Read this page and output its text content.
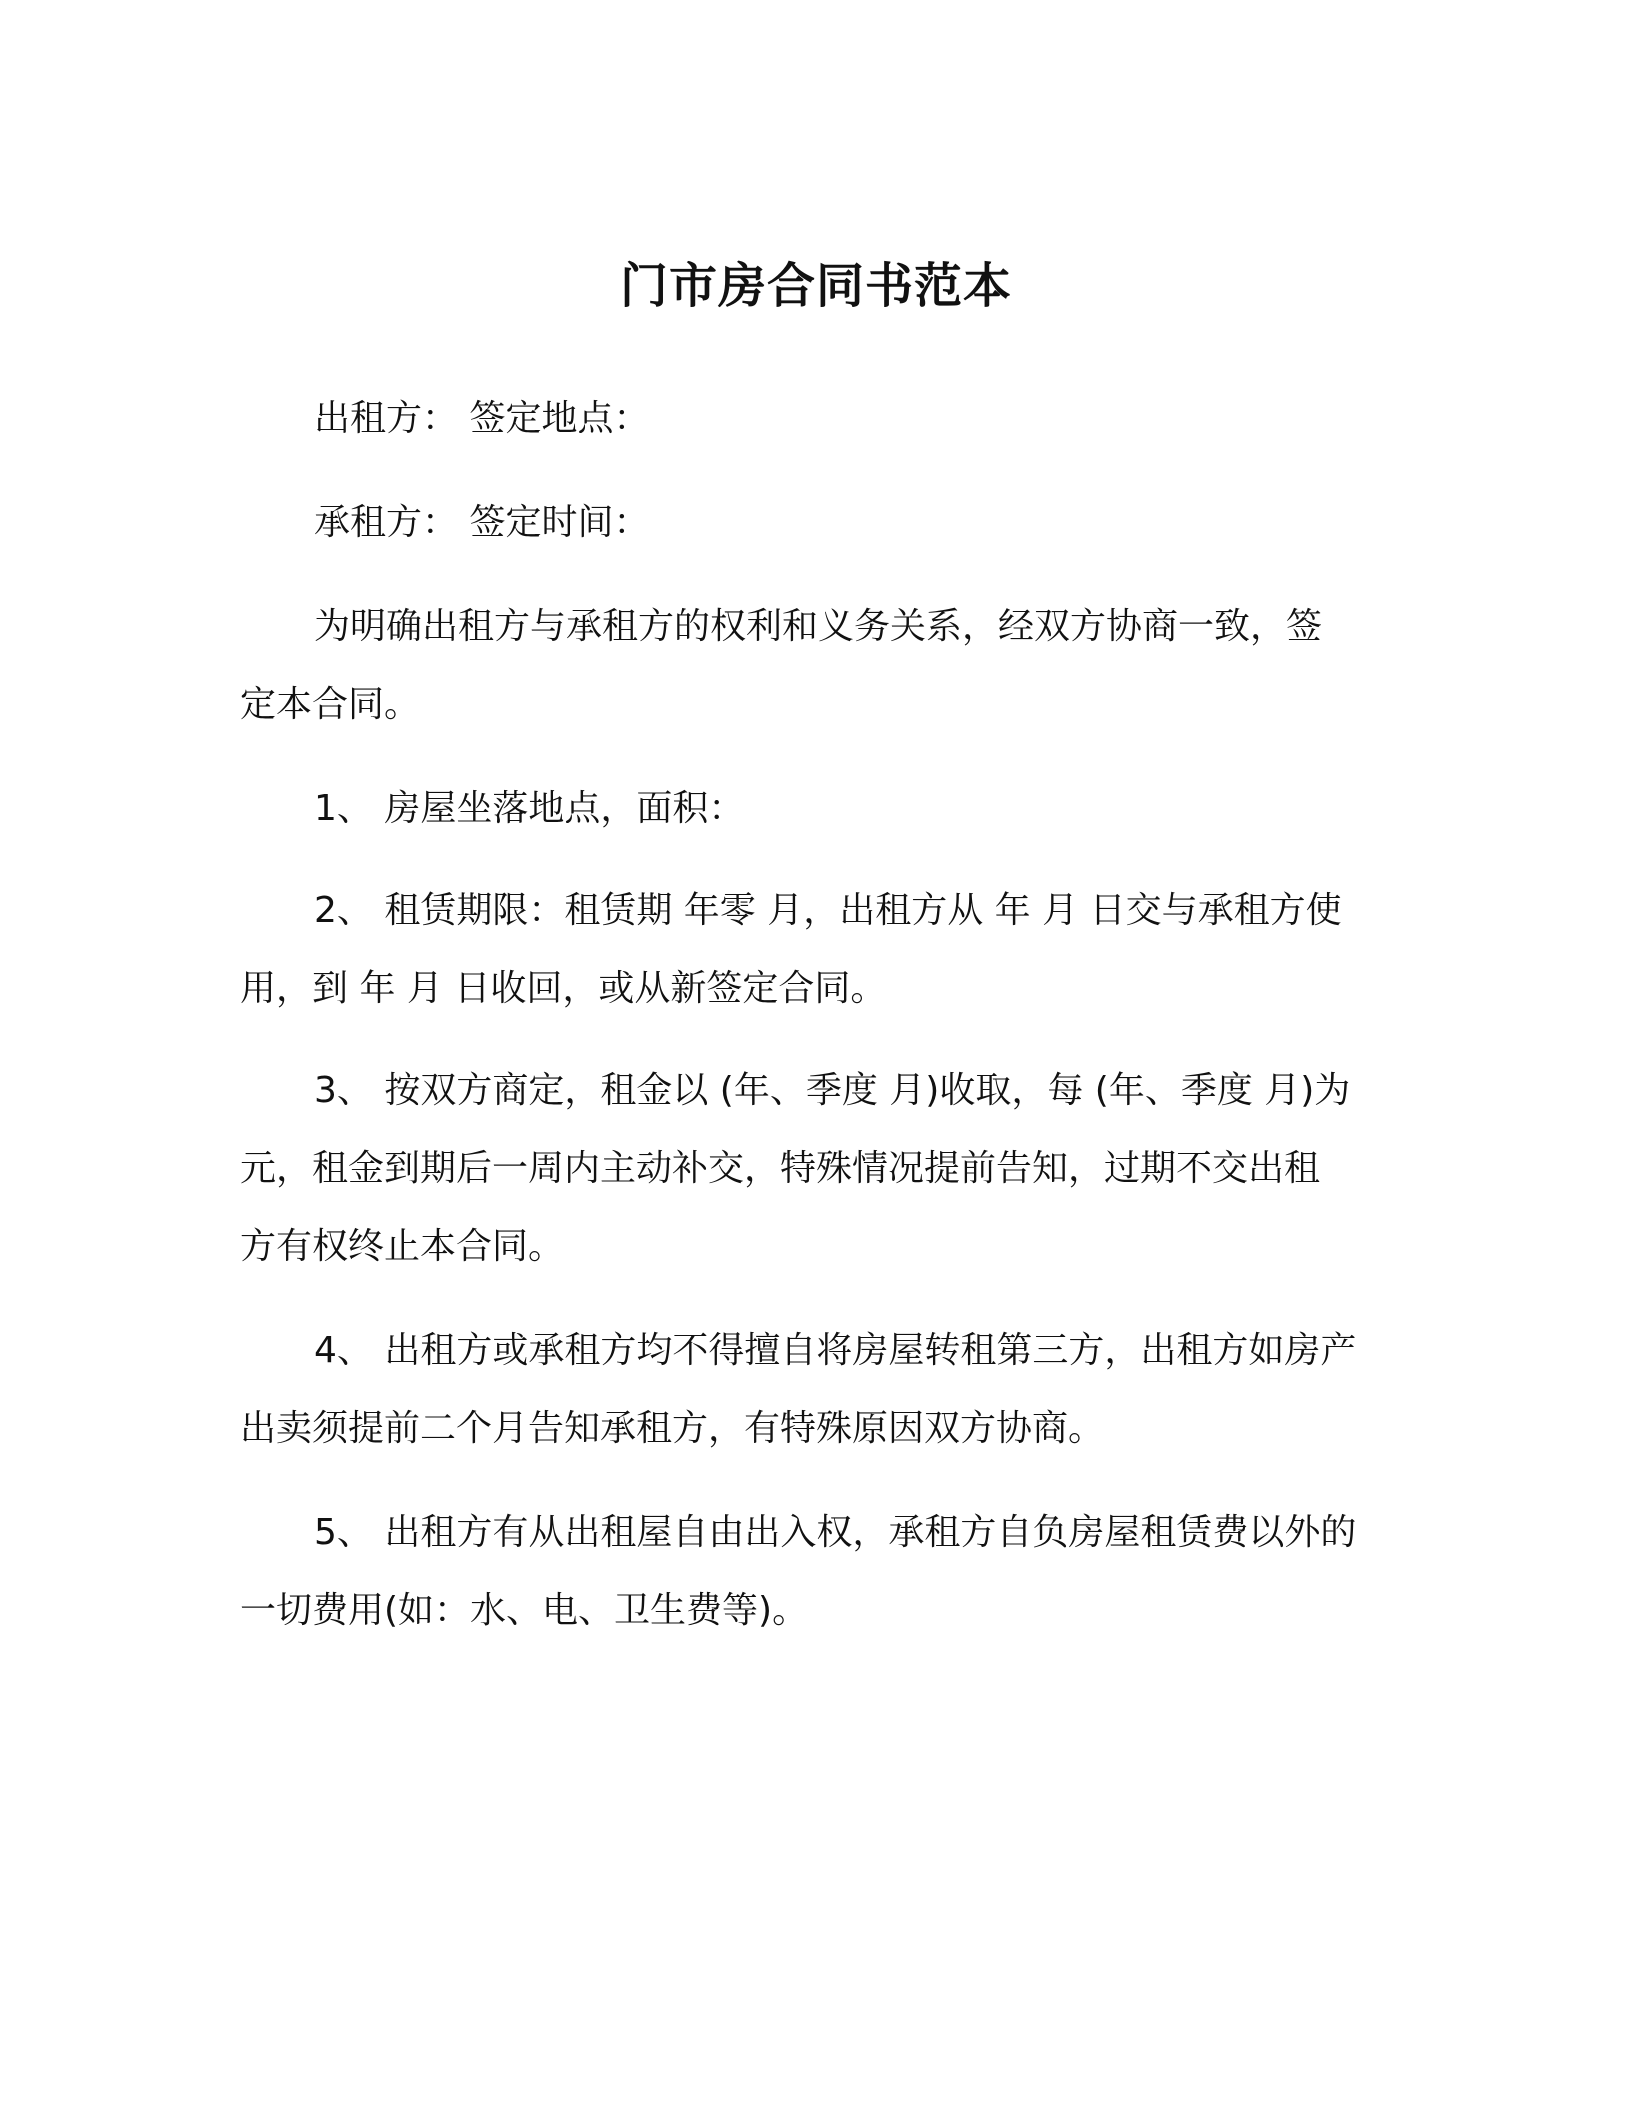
门市房合同书范本

出租方： 签定地点：

承租方： 签定时间：

为明确出租方与承租方的权利和义务关系，经双方协商一致，签
定本合同。

1、 房屋坐落地点，面积：

2、 租赁期限：租赁期 年零 月，出租方从 年 月 日交与承租方使
用，到 年 月 日收回，或从新签定合同。

3、 按双方商定，租金以 (年、季度 月)收取，每 (年、季度 月)为
元，租金到期后一周内主动补交，特殊情况提前告知，过期不交出租
方有权终止本合同。

4、 出租方或承租方均不得擅自将房屋转租第三方，出租方如房产
出卖须提前二个月告知承租方，有特殊原因双方协商。

5、 出租方有从出租屋自由出入权，承租方自负房屋租赁费以外的
一切费用(如：水、电、卫生费等)。
